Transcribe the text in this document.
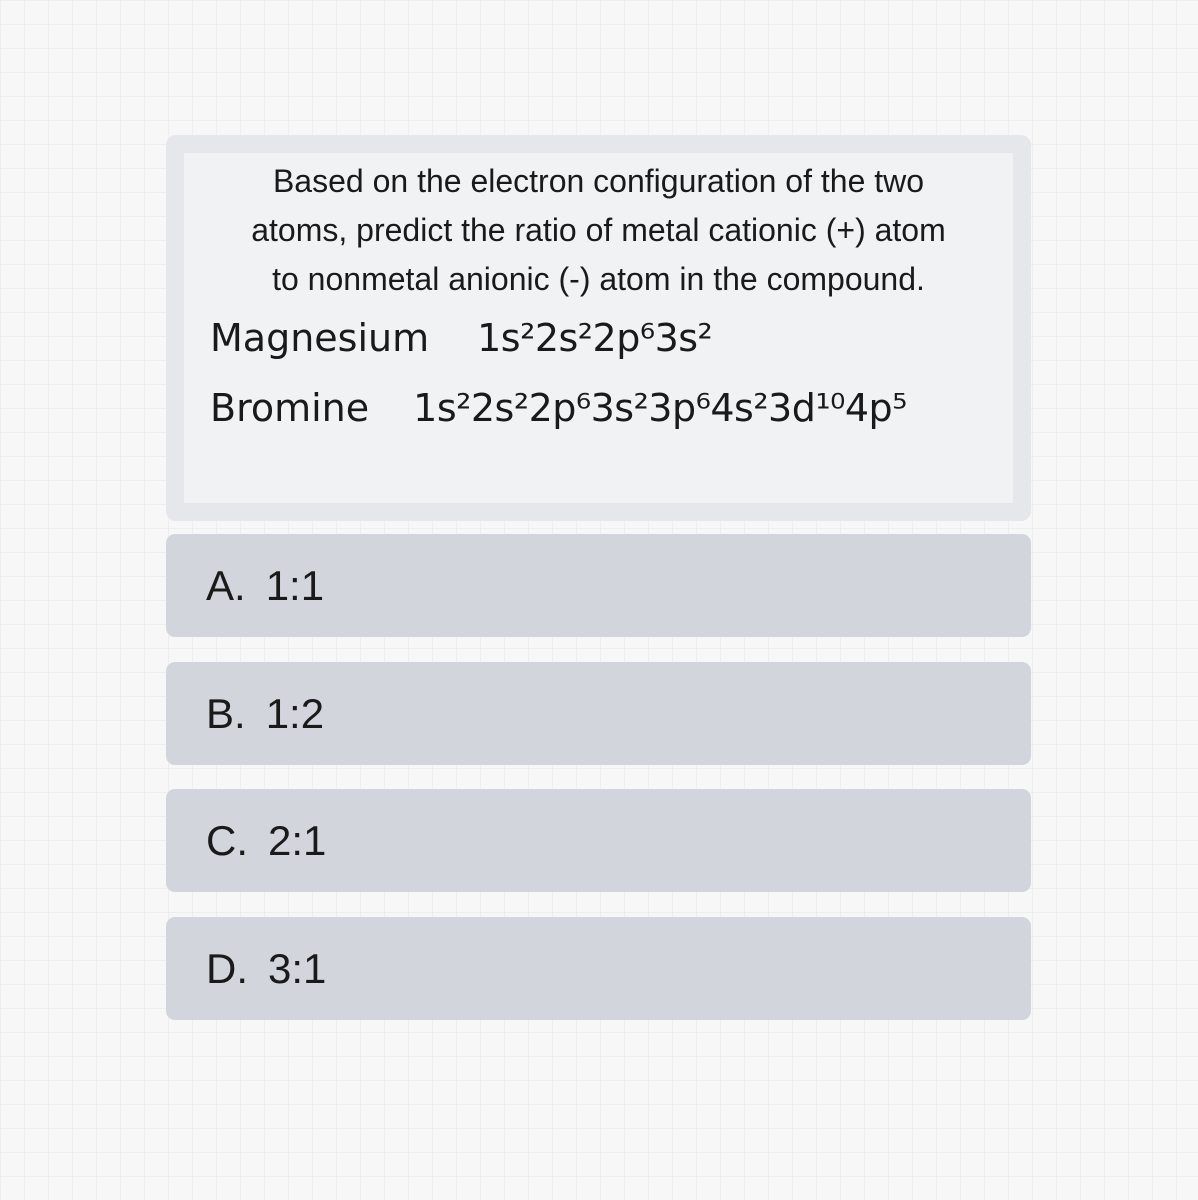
Based on the electron configuration of the two
atoms, predict the ratio of metal cationic (+) atom
to nonmetal anionic (-) atom in the compound.

Magnesium 1s²2s²2p⁶3s²
Bromine 1s²2s²2p⁶3s²3p⁶4s²3d¹⁰4p⁵
A. 1:1
B. 1:2
C. 2:1
D. 3:1
